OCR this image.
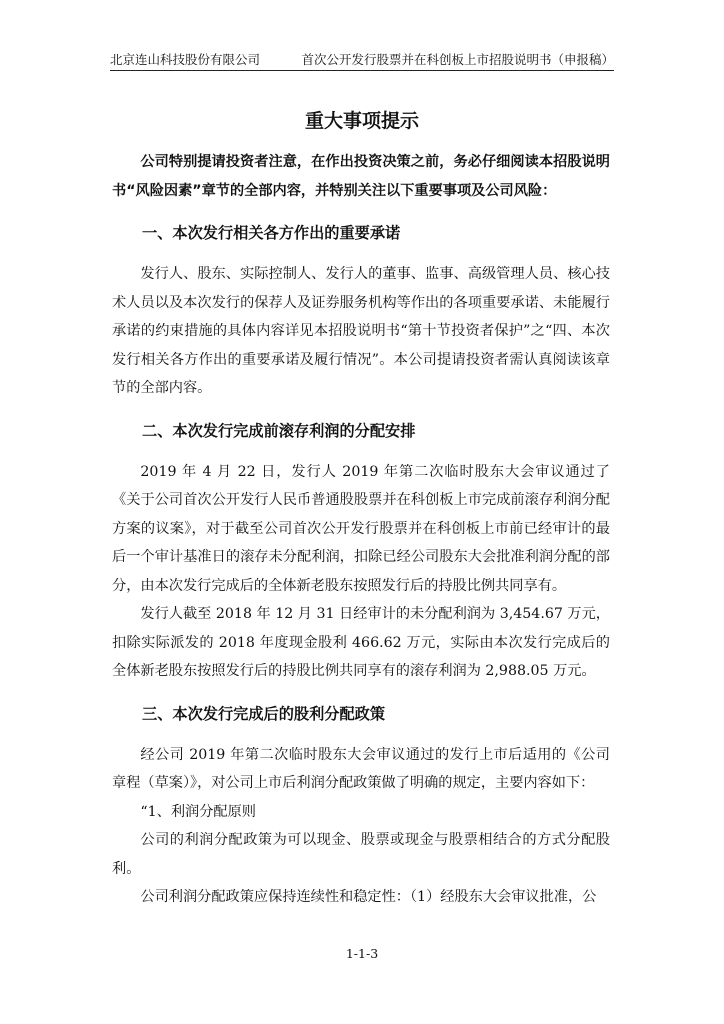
北京连山科技股份有限公司	首次公开发行股票并在科创板上市招股说明书（申报稿）
重大事项提示

公司特别提请投资者注意，在作出投资决策之前，务必仔细阅读本招股说明书“风险因素”章节的全部内容，并特别关注以下重要事项及公司风险：

一、本次发行相关各方作出的重要承诺

发行人、股东、实际控制人、发行人的董事、监事、高级管理人员、核心技术人员以及本次发行的保荐人及证券服务机构等作出的各项重要承诺、未能履行承诺的约束措施的具体内容详见本招股说明书“第十节投资者保护”之“四、本次发行相关各方作出的重要承诺及履行情况”。本公司提请投资者需认真阅读该章节的全部内容。

二、本次发行完成前滚存利润的分配安排

2019 年 4 月 22 日，发行人 2019 年第二次临时股东大会审议通过了《关于公司首次公开发行人民币普通股股票并在科创板上市完成前滚存利润分配方案的议案》，对于截至公司首次公开发行股票并在科创板上市前已经审计的最后一个审计基准日的滚存未分配利润，扣除已经公司股东大会批准利润分配的部分，由本次发行完成后的全体新老股东按照发行后的持股比例共同享有。

发行人截至 2018 年 12 月 31 日经审计的未分配利润为 3,454.67 万元，扣除实际派发的 2018 年度现金股利 466.62 万元，实际由本次发行完成后的全体新老股东按照发行后的持股比例共同享有的滚存利润为 2,988.05 万元。

三、本次发行完成后的股利分配政策

经公司 2019 年第二次临时股东大会审议通过的发行上市后适用的《公司章程（草案）》，对公司上市后利润分配政策做了明确的规定，主要内容如下：

“1、利润分配原则

公司的利润分配政策为可以现金、股票或现金与股票相结合的方式分配股利。

公司利润分配政策应保持连续性和稳定性：（1）经股东大会审议批准，公

1-1-3
